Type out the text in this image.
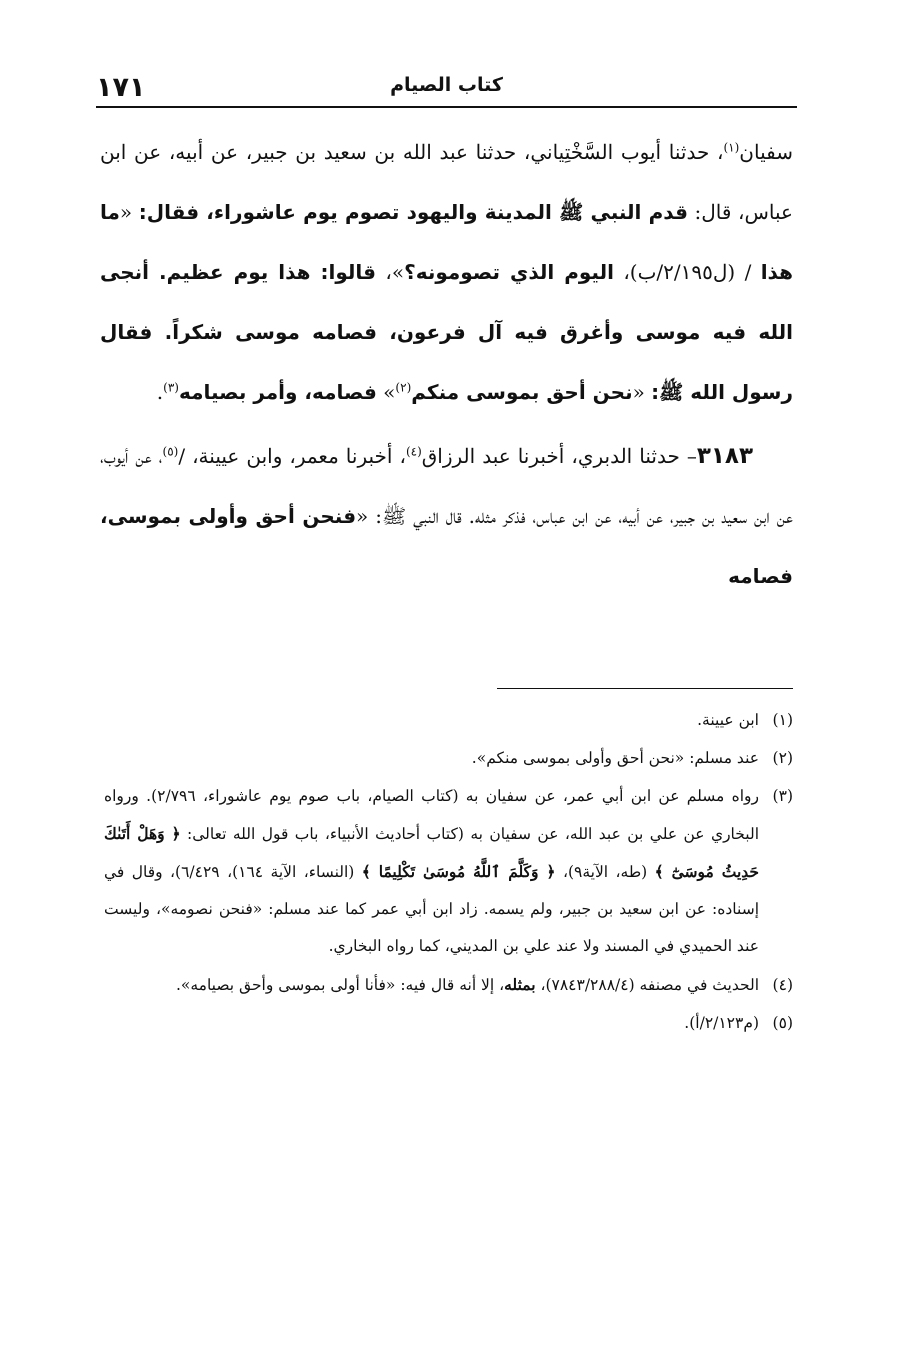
١٧١	كتاب الصيام

سفيان$^{(١)}$، حدثنا أيوب السَّخْتِياني، حدثنا عبد الله بن سعيد بن جبير، عن أبيه، عن ابن عباس، قال: قدم النبي ﷺ المدينة واليهود تصوم يوم عاشوراء، فقال: «ما هذا / (ل٢/١٩٥/ب)، اليوم الذي تصومونه؟»، قالوا: هذا يوم عظيم. أنجى الله فيه موسى وأغرق فيه آل فرعون، فصامه موسى شكراً. فقال رسول الله ﷺ: «نحن أحق بموسى منكم$^{(٢)}$» فصامه، وأمر بصيامه$^{(٣)}$.

  ٣١٨٣– حدثنا الدبري، أخبرنا عبد الرزاق$^{(٤)}$، أخبرنا معمر، وابن عيينة، /$^{(٥)}$، عن أيوب، عن ابن سعيد بن جبير، عن أبيه، عن ابن عباس، فذكر مثله. قال النبي ﷺ: «فنحن أحق وأولى بموسى، فصامه

(١)ابن عيينة.

(٢)عند مسلم: «نحن أحق وأولى بموسى منكم».

(٣)رواه مسلم عن ابن أبي عمر، عن سفيان به (كتاب الصيام، باب صوم يوم عاشوراء، ٢/٧٩٦). ورواه البخاري عن علي بن عبد الله، عن سفيان به (كتاب أحاديث الأنبياء، باب قول الله تعالى: ﴿ وَهَلْ أَتَىٰكَ حَدِيثُ مُوسَىٰٓ ﴾ (طه، الآية٩)، ﴿ وَكَلَّمَ ٱللَّهُ مُوسَىٰ تَكْلِيمًا ﴾ (النساء، الآية ١٦٤)، ٦/٤٢٩)، وقال في إسناده: عن ابن سعيد بن جبير، ولم يسمه. زاد ابن أبي عمر كما عند مسلم: «فنحن نصومه»، وليست عند الحميدي في المسند ولا عند علي بن المديني، كما رواه البخاري.

(٤)الحديث في مصنفه (٧٨٤٣/٢٨٨/٤)، بمثله، إلا أنه قال فيه: «فأنا أولى بموسى وأحق بصيامه».

(٥)(م٢/١٢٣/أ).
